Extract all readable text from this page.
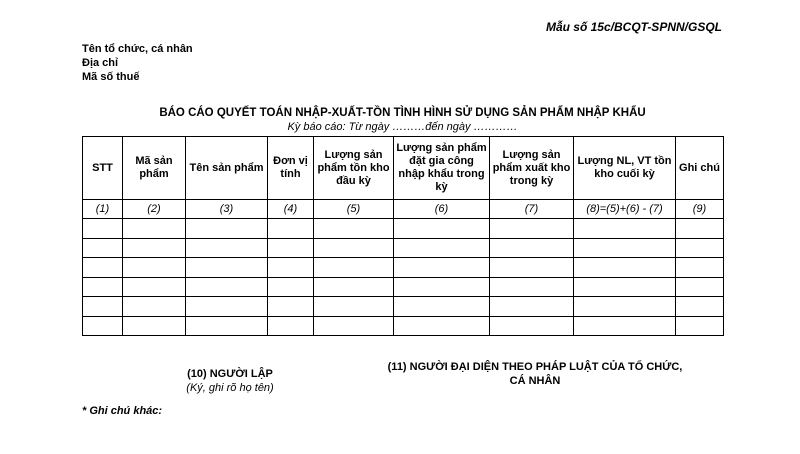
Mẫu số 15c/BCQT-SPNN/GSQL
Tên tổ chức, cá nhân
Địa chỉ
Mã số thuế
BÁO CÁO QUYẾT TOÁN NHẬP-XUẤT-TỒN TÌNH HÌNH SỬ DỤNG SẢN PHẨM NHẬP KHẨU
Kỳ báo cáo: Từ ngày ………đến ngày …………
STT	Mã sản phẩm	Tên sản phẩm	Đơn vị tính	Lượng sản phẩm tồn kho đầu kỳ	Lượng sản phẩm đặt gia công nhập khẩu trong kỳ	Lượng sản phẩm xuất kho trong kỳ	Lượng NL, VT tồn kho cuối kỳ	Ghi chú
(1)	(2)	(3)	(4)	(5)	(6)	(7)	(8)=(5)+(6) - (7)	(9)

(10) NGƯỜI LẬP
(Ký, ghi rõ họ tên)
(11) NGƯỜI ĐẠI DIỆN THEO PHÁP LUẬT CỦA TỔ CHỨC, CÁ NHÂN
* Ghi chú khác:
